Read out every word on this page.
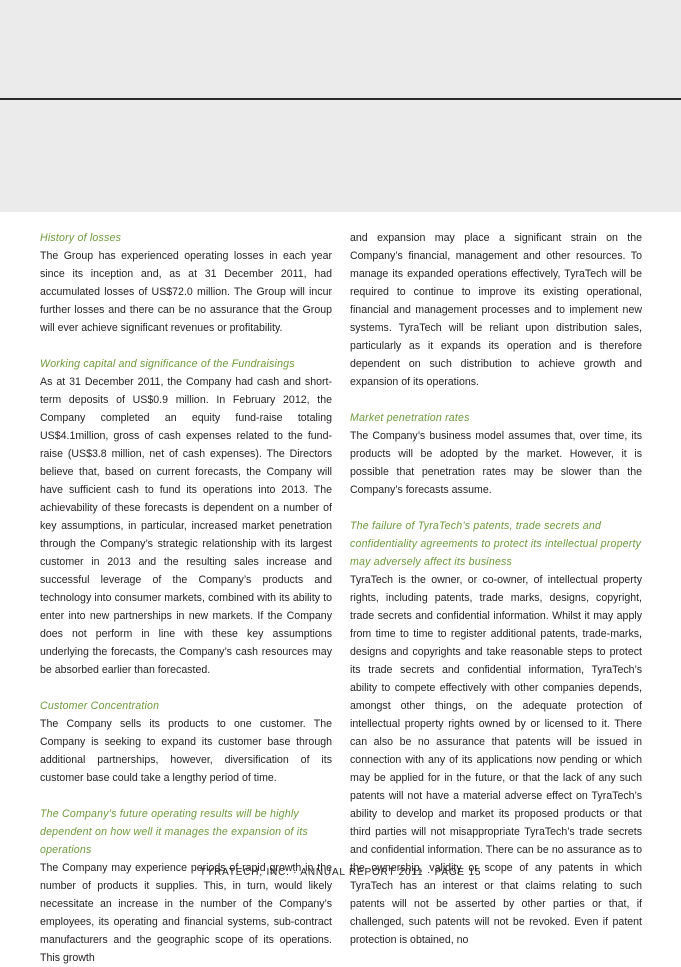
History of losses

The Group has experienced operating losses in each year since its inception and, as at 31 December 2011, had accumulated losses of US$72.0 million. The Group will incur further losses and there can be no assurance that the Group will ever achieve significant revenues or profitability.

Working capital and significance of the Fundraisings

As at 31 December 2011, the Company had cash and short-term deposits of US$0.9 million. In February 2012, the Company completed an equity fund-raise totaling US$4.1million, gross of cash expenses related to the fund-raise (US$3.8 million, net of cash expenses). The Directors believe that, based on current forecasts, the Company will have sufficient cash to fund its operations into 2013. The achievability of these forecasts is dependent on a number of key assumptions, in particular, increased market penetration through the Company’s strategic relationship with its largest customer in 2013 and the resulting sales increase and successful leverage of the Company’s products and technology into consumer markets, combined with its ability to enter into new partnerships in new markets. If the Company does not perform in line with these key assumptions underlying the forecasts, the Company’s cash resources may be absorbed earlier than forecasted.

Customer Concentration

The Company sells its products to one customer. The Company is seeking to expand its customer base through additional partnerships, however, diversification of its customer base could take a lengthy period of time.

The Company’s future operating results will be highly dependent on how well it manages the expansion of its operations

The Company may experience periods of rapid growth in the number of products it supplies. This, in turn, would likely necessitate an increase in the number of the Company’s employees, its operating and financial systems, sub-contract manufacturers and the geographic scope of its operations. This growth

and expansion may place a significant strain on the Company’s financial, management and other resources. To manage its expanded operations effectively, TyraTech will be required to continue to improve its existing operational, financial and management processes and to implement new systems. TyraTech will be reliant upon distribution sales, particularly as it expands its operation and is therefore dependent on such distribution to achieve growth and expansion of its operations.

Market penetration rates

The Company’s business model assumes that, over time, its products will be adopted by the market. However, it is possible that penetration rates may be slower than the Company’s forecasts assume.

The failure of TyraTech’s patents, trade secrets and confidentiality agreements to protect its intellectual property may adversely affect its business

TyraTech is the owner, or co-owner, of intellectual property rights, including patents, trade marks, designs, copyright, trade secrets and confidential information. Whilst it may apply from time to time to register additional patents, trade-marks, designs and copyrights and take reasonable steps to protect its trade secrets and confidential information, TyraTech’s ability to compete effectively with other companies depends, amongst other things, on the adequate protection of intellectual property rights owned by or licensed to it. There can also be no assurance that patents will be issued in connection with any of its applications now pending or which may be applied for in the future, or that the lack of any such patents will not have a material adverse effect on TyraTech’s ability to develop and market its proposed products or that third parties will not misappropriate TyraTech’s trade secrets and confidential information. There can be no assurance as to the ownership, validity or scope of any patents in which TyraTech has an interest or that claims relating to such patents will not be asserted by other parties or that, if challenged, such patents will not be revoked. Even if patent protection is obtained, no

TYRATECH, INC. · ANNUAL REPORT 2011 · PAGE 15
